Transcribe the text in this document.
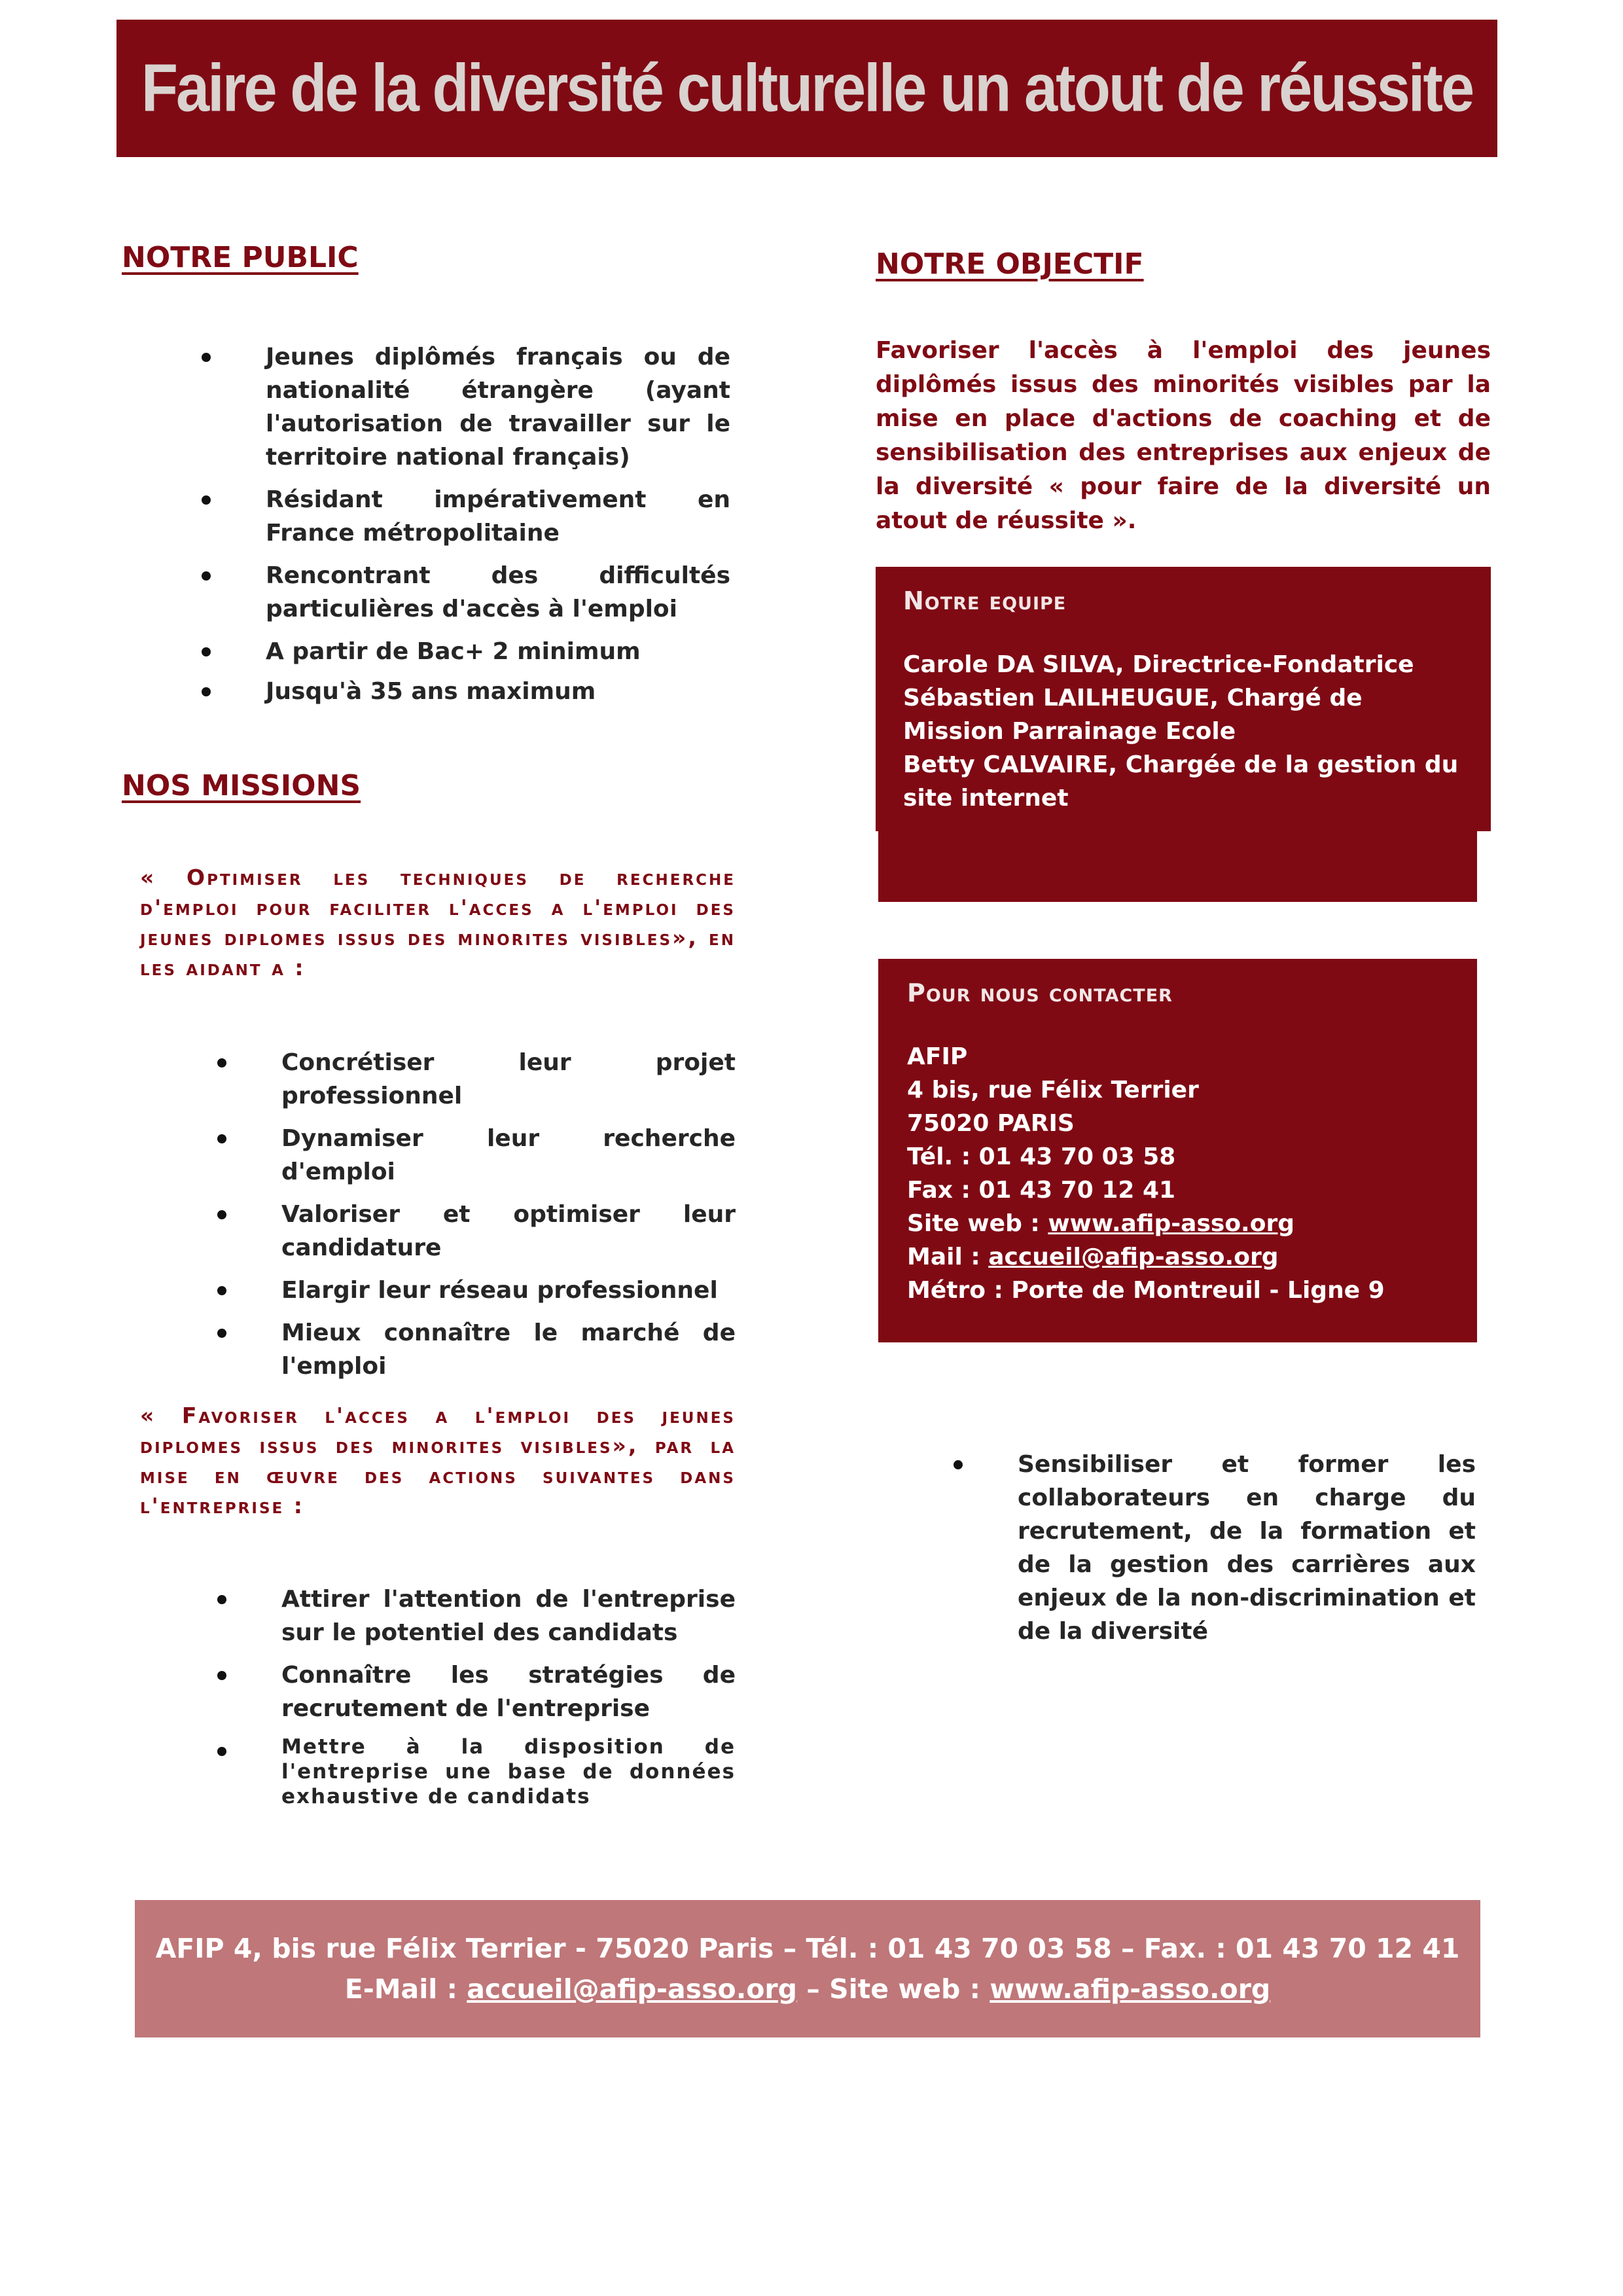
Faire de la diversité culturelle un atout de réussite
NOTRE PUBLIC
Jeunes diplômés français ou de nationalité étrangère (ayant l'autorisation de travailler sur le territoire national français)
Résidant impérativement en France métropolitaine
Rencontrant des difficultés particulières d'accès à l'emploi
A partir de Bac+ 2 minimum
Jusqu'à 35 ans maximum
NOS MISSIONS
« Optimiser les techniques de recherche d'emploi pour faciliter l'acces a l'emploi des jeunes diplomes issus des minorites visibles», en les aidant a :
Concrétiser leur projet professionnel
Dynamiser leur recherche d'emploi
Valoriser et optimiser leur candidature
Elargir leur réseau professionnel
Mieux connaître le marché de l'emploi
« Favoriser l'acces a l'emploi des jeunes diplomes issus des minorites visibles», par la mise en œuvre des actions suivantes dans l'entreprise :
Attirer l'attention de l'entreprise sur le potentiel des candidats
Connaître les stratégies de recrutement de l'entreprise
Mettre à la disposition de l'entreprise une base de données exhaustive de candidats
NOTRE OBJECTIF
Favoriser l'accès à l'emploi des jeunes diplômés issus des minorités visibles par la mise en place d'actions de coaching et de sensibilisation des entreprises aux enjeux de la diversité « pour faire de la diversité un atout de réussite ».
Notre equipe
Carole DA SILVA, Directrice-Fondatrice
Sébastien LAILHEUGUE, Chargé de Mission Parrainage Ecole
Betty CALVAIRE, Chargée de la gestion du site internet
Pour nous contacter
AFIP
4 bis, rue Félix Terrier
75020 PARIS
Tél. : 01 43 70 03 58
Fax : 01 43 70 12 41
Site web : www.afip-asso.org
Mail : accueil@afip-asso.org
Métro : Porte de Montreuil - Ligne 9
Sensibiliser et former les collaborateurs en charge du recrutement, de la formation et de la gestion des carrières aux enjeux de la non-discrimination et de la diversité
AFIP 4, bis rue Félix Terrier - 75020 Paris – Tél. : 01 43 70 03 58 – Fax. : 01 43 70 12 41
E-Mail : accueil@afip-asso.org – Site web : www.afip-asso.org
